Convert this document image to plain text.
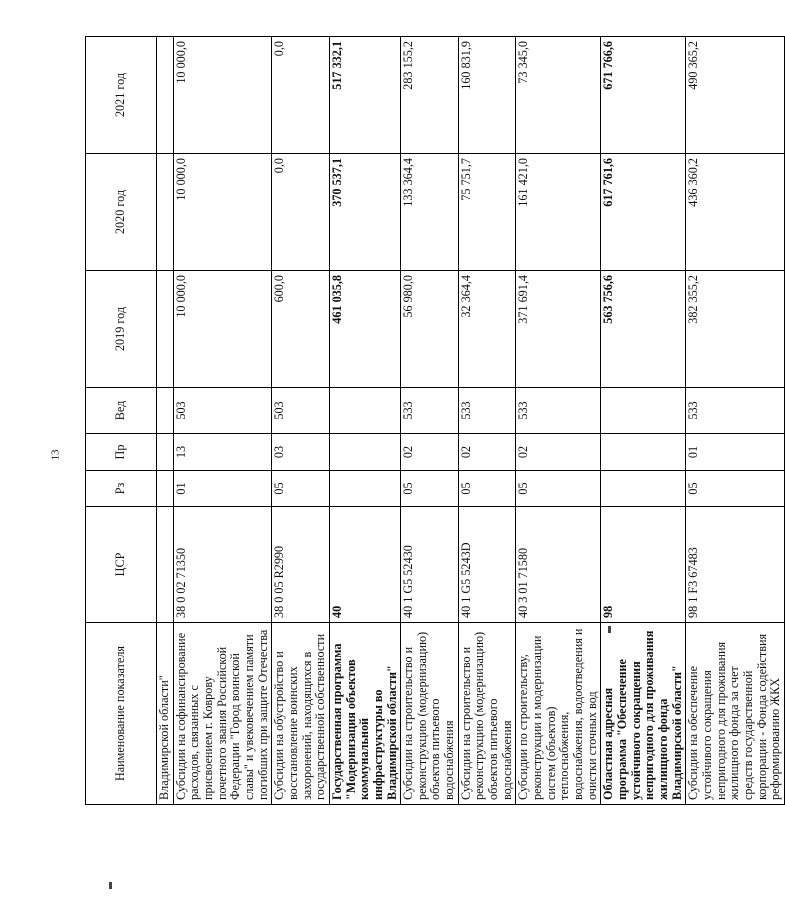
13
Наименование показателя	ЦСР	Рз	Пр	Вед	2019 год	2020 год	2021 год
Владимирской области"							
Субсидии на софинансирование расходов, связанных с присвоением г. Коврову почетного звания Российской Федерации "Город воинской славы" и увековечением памяти погибших при защите Отечества	38 0 02 71350	01	13	503	10 000,0	10 000,0	10 000,0
Субсидии на обустройство и восстановление воинских захоронений, находящихся в государственной собственности	38 0 05 R2990	05	03	503	600,0	0,0	0,0
Государственная программа "Модернизация объектов коммунальной инфраструктуры во Владимирской области"	40				461 035,8	370 537,1	517 332,1
Субсидии на строительство и реконструкцию (модернизацию) объектов питьевого водоснабжения	40 1 G5 52430	05	02	533	56 980,0	133 364,4	283 155,2
Субсидии на строительство и реконструкцию (модернизацию) объектов питьевого водоснабжения	40 1 G5 5243D	05	02	533	32 364,4	75 751,7	160 831,9
Субсидии по строительству, реконструкции и модернизации систем (объектов) теплоснабжения, водоснабжения, водоотведения и очистки сточных вод	40 3 01 71580	05	02	533	371 691,4	161 421,0	73 345,0
Областная адресная программа "Обеспечение устойчивого сокращения непригодного для проживания жилищного фонда Владимирской области"	98				563 756,6	617 761,6	671 766,6
Субсидии на обеспечение устойчивого сокращения непригодного для проживания жилищного фонда за счет средств государственной корпорации - Фонда содействия реформированию ЖКХ	98 1 F3 67483	05	01	533	382 355,2	436 360,2	490 365,2
